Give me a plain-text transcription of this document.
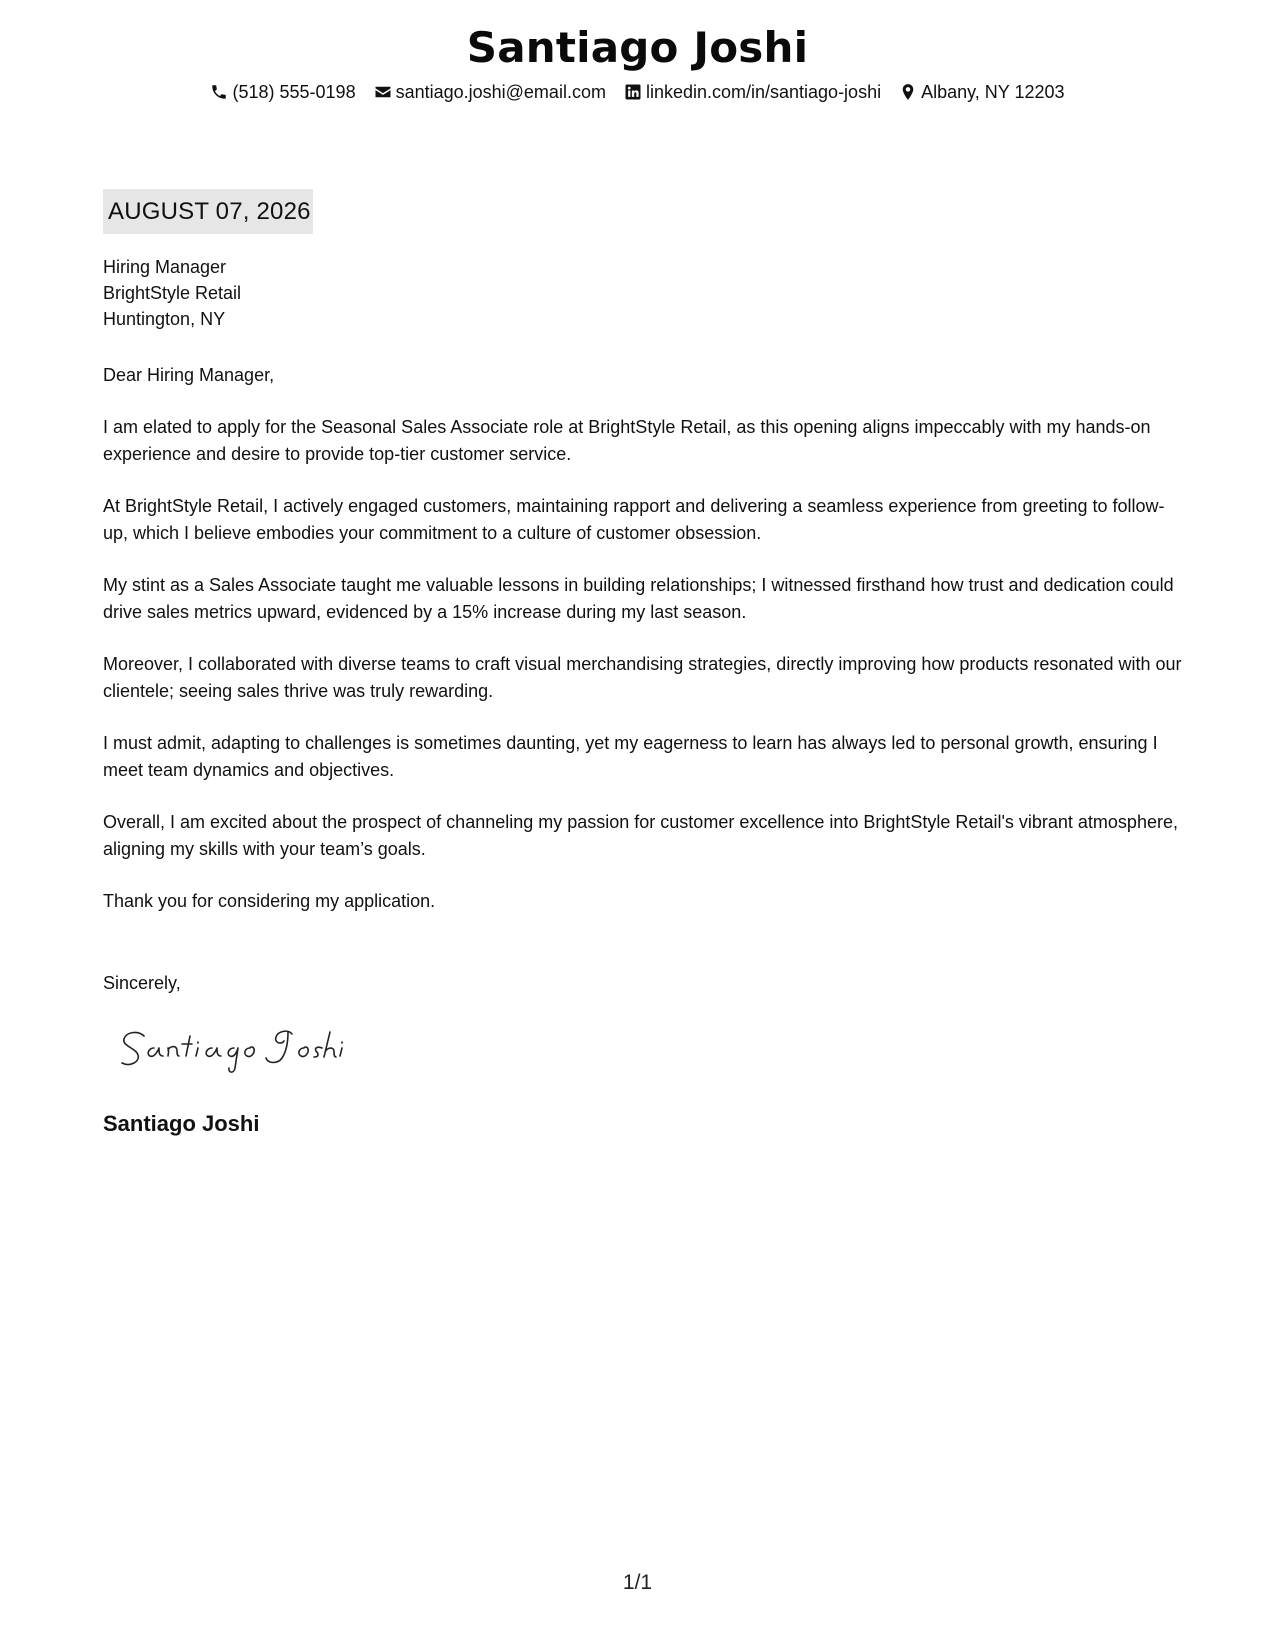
Santiago Joshi
(518) 555-0198 santiago.joshi@email.com linkedin.com/in/santiago-joshi Albany, NY 12203
AUGUST 07, 2026
Hiring Manager
BrightStyle Retail
Huntington, NY
Dear Hiring Manager,

I am elated to apply for the Seasonal Sales Associate role at BrightStyle Retail, as this opening aligns impeccably with my hands-on experience and desire to provide top-tier customer service.

At BrightStyle Retail, I actively engaged customers, maintaining rapport and delivering a seamless experience from greeting to follow-up, which I believe embodies your commitment to a culture of customer obsession.

My stint as a Sales Associate taught me valuable lessons in building relationships; I witnessed firsthand how trust and dedication could drive sales metrics upward, evidenced by a 15% increase during my last season.

Moreover, I collaborated with diverse teams to craft visual merchandising strategies, directly improving how products resonated with our clientele; seeing sales thrive was truly rewarding.

I must admit, adapting to challenges is sometimes daunting, yet my eagerness to learn has always led to personal growth, ensuring I meet team dynamics and objectives.

Overall, I am excited about the prospect of channeling my passion for customer excellence into BrightStyle Retail's vibrant atmosphere, aligning my skills with your team’s goals.

Thank you for considering my application.

Sincerely,
Santiago Joshi
1/1
